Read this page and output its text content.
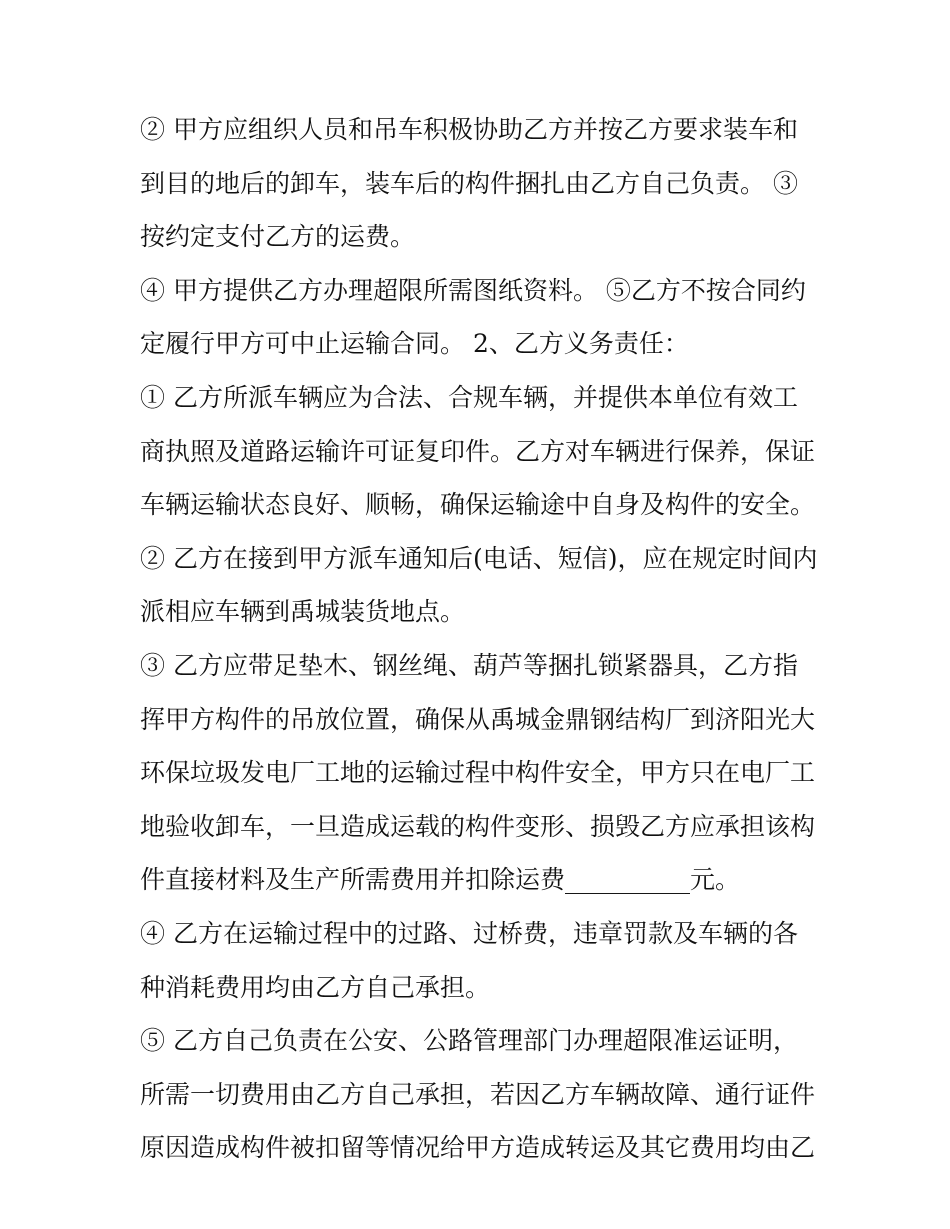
② 甲方应组织人员和吊车积极协助乙方并按乙方要求装车和
到目的地后的卸车，装车后的构件捆扎由乙方自己负责。 ③
按约定支付乙方的运费。
④ 甲方提供乙方办理超限所需图纸资料。 ⑤乙方不按合同约
定履行甲方可中止运输合同。 2、乙方义务责任：
① 乙方所派车辆应为合法、合规车辆，并提供本单位有效工
商执照及道路运输许可证复印件。乙方对车辆进行保养，保证
车辆运输状态良好、顺畅，确保运输途中自身及构件的安全。
② 乙方在接到甲方派车通知后(电话、短信)，应在规定时间内
派相应车辆到禹城装货地点。
③ 乙方应带足垫木、钢丝绳、葫芦等捆扎锁紧器具，乙方指
挥甲方构件的吊放位置，确保从禹城金鼎钢结构厂到济阳光大
环保垃圾发电厂工地的运输过程中构件安全，甲方只在电厂工
地验收卸车，一旦造成运载的构件变形、损毁乙方应承担该构
件直接材料及生产所需费用并扣除运费__________元。
④ 乙方在运输过程中的过路、过桥费，违章罚款及车辆的各
种消耗费用均由乙方自己承担。
⑤ 乙方自己负责在公安、公路管理部门办理超限准运证明，
所需一切费用由乙方自己承担，若因乙方车辆故障、通行证件
原因造成构件被扣留等情况给甲方造成转运及其它费用均由乙
